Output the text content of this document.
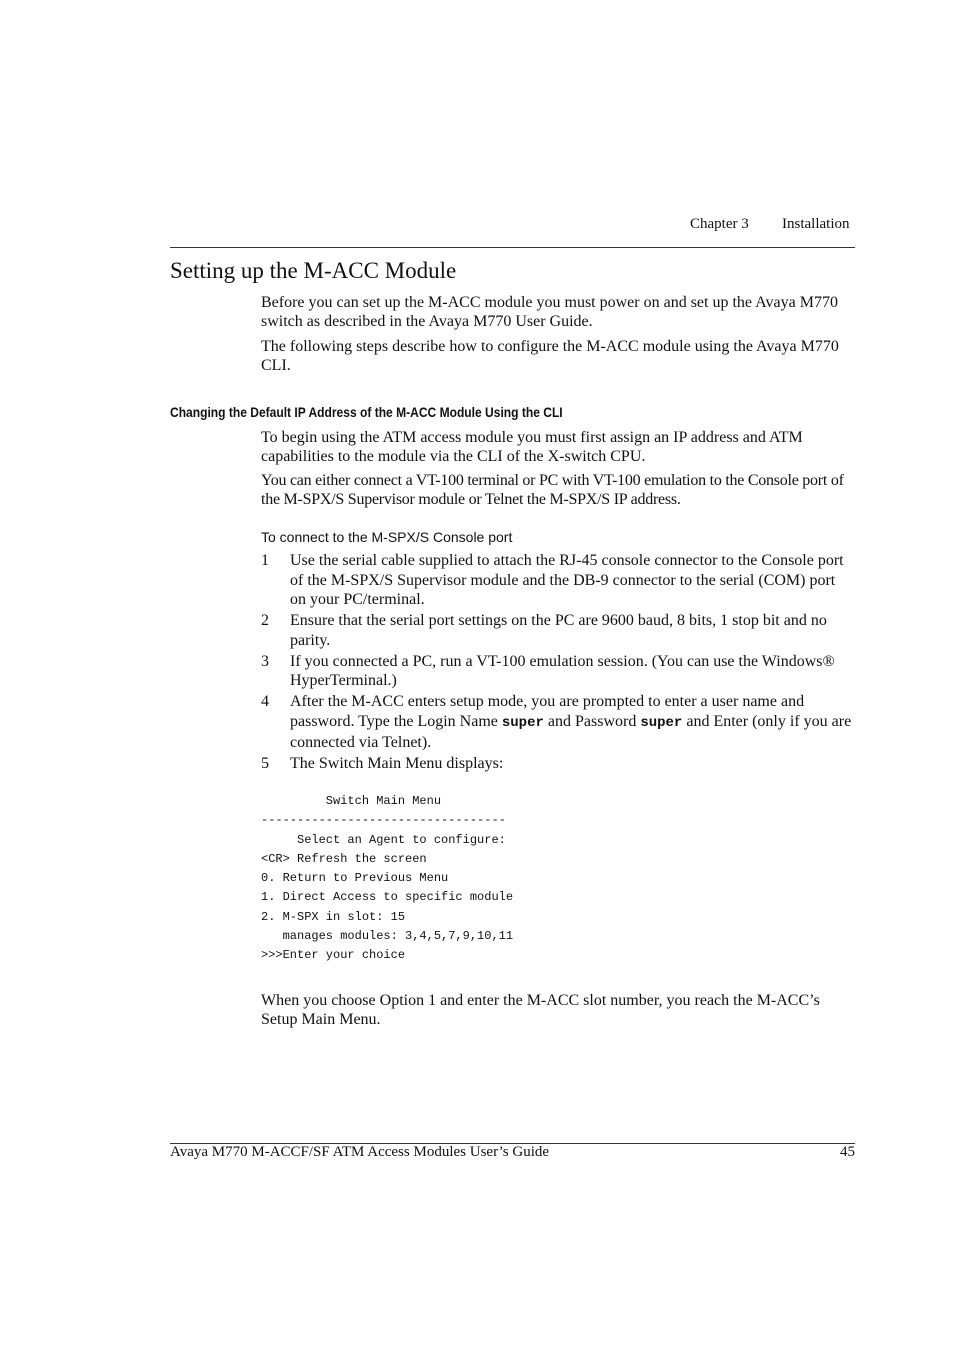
Chapter 3 Installation
Setting up the M-ACC Module
Before you can set up the M-ACC module you must power on and set up the Avaya M770 switch as described in the Avaya M770 User Guide.
The following steps describe how to configure the M-ACC module using the Avaya M770 CLI.
Changing the Default IP Address of the M-ACC Module Using the CLI
To begin using the ATM access module you must first assign an IP address and ATM capabilities to the module via the CLI of the X-switch CPU.
You can either connect a VT-100 terminal or PC with VT-100 emulation to the Console port of the M-SPX/S Supervisor module or Telnet the M-SPX/S IP address.
To connect to the M-SPX/S Console port
1 Use the serial cable supplied to attach the RJ-45 console connector to the Console port of the M-SPX/S Supervisor module and the DB-9 connector to the serial (COM) port on your PC/terminal.
2 Ensure that the serial port settings on the PC are 9600 baud, 8 bits, 1 stop bit and no parity.
3 If you connected a PC, run a VT-100 emulation session. (You can use the Windows® HyperTerminal.)
4 After the M-ACC enters setup mode, you are prompted to enter a user name and password. Type the Login Name super and Password super and Enter (only if you are connected via Telnet).
5 The Switch Main Menu displays:
Switch Main Menu
----------------------------------
Select an Agent to configure:
<CR> Refresh the screen
0. Return to Previous Menu
1. Direct Access to specific module
2. M-SPX in slot: 15
manages modules: 3,4,5,7,9,10,11
>>>Enter your choice
When you choose Option 1 and enter the M-ACC slot number, you reach the M-ACC’s Setup Main Menu.
Avaya M770 M-ACCF/SF ATM Access Modules User’s Guide	45
